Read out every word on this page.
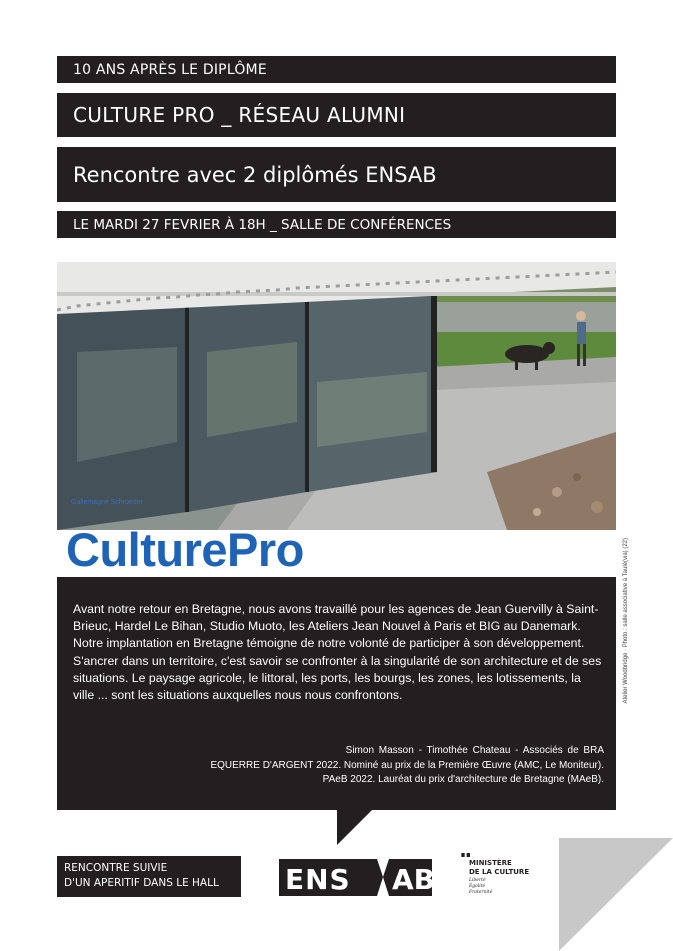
10 ANS APRÈS LE DIPLÔME
CULTURE PRO _ RÉSEAU ALUMNI
Rencontre avec 2 diplômés ENSAB
LE MARDI 27 FEVRIER À 18H _ SALLE DE CONFÉRENCES
Gallemagne Schroeder
Atelier Woodbridge · Photo : salle associative à Taulé(via) (22)
CulturePro

Avant notre retour en Bretagne, nous avons travaillé pour les agences de Jean Guervilly à Saint-Brieuc, Hardel Le Bihan, Studio Muoto, les Ateliers Jean Nouvel à Paris et BIG au Danemark.

Notre implantation en Bretagne témoigne de notre volonté de participer à son développement. S'ancrer dans un territoire, c'est savoir se confronter à la singularité de son architecture et de ses situations. Le paysage agricole, le littoral, les ports, les bourgs, les zones, les lotissements, la ville ... sont les situations auxquelles nous nous confrontons.

Simon Masson - Timothée Chateau - Associés de BRA
EQUERRE D'ARGENT 2022. Nominé au prix de la Première Œuvre (AMC, Le Moniteur).
PAeB 2022. Lauréat du prix d'architecture de Bretagne (MAeB).
RENCONTRE SUIVIE
D'UN APERITIF DANS LE HALL	ENS AB	MINISTÈRE
DE LA CULTURE
Liberté
Égalité
Fraternité
